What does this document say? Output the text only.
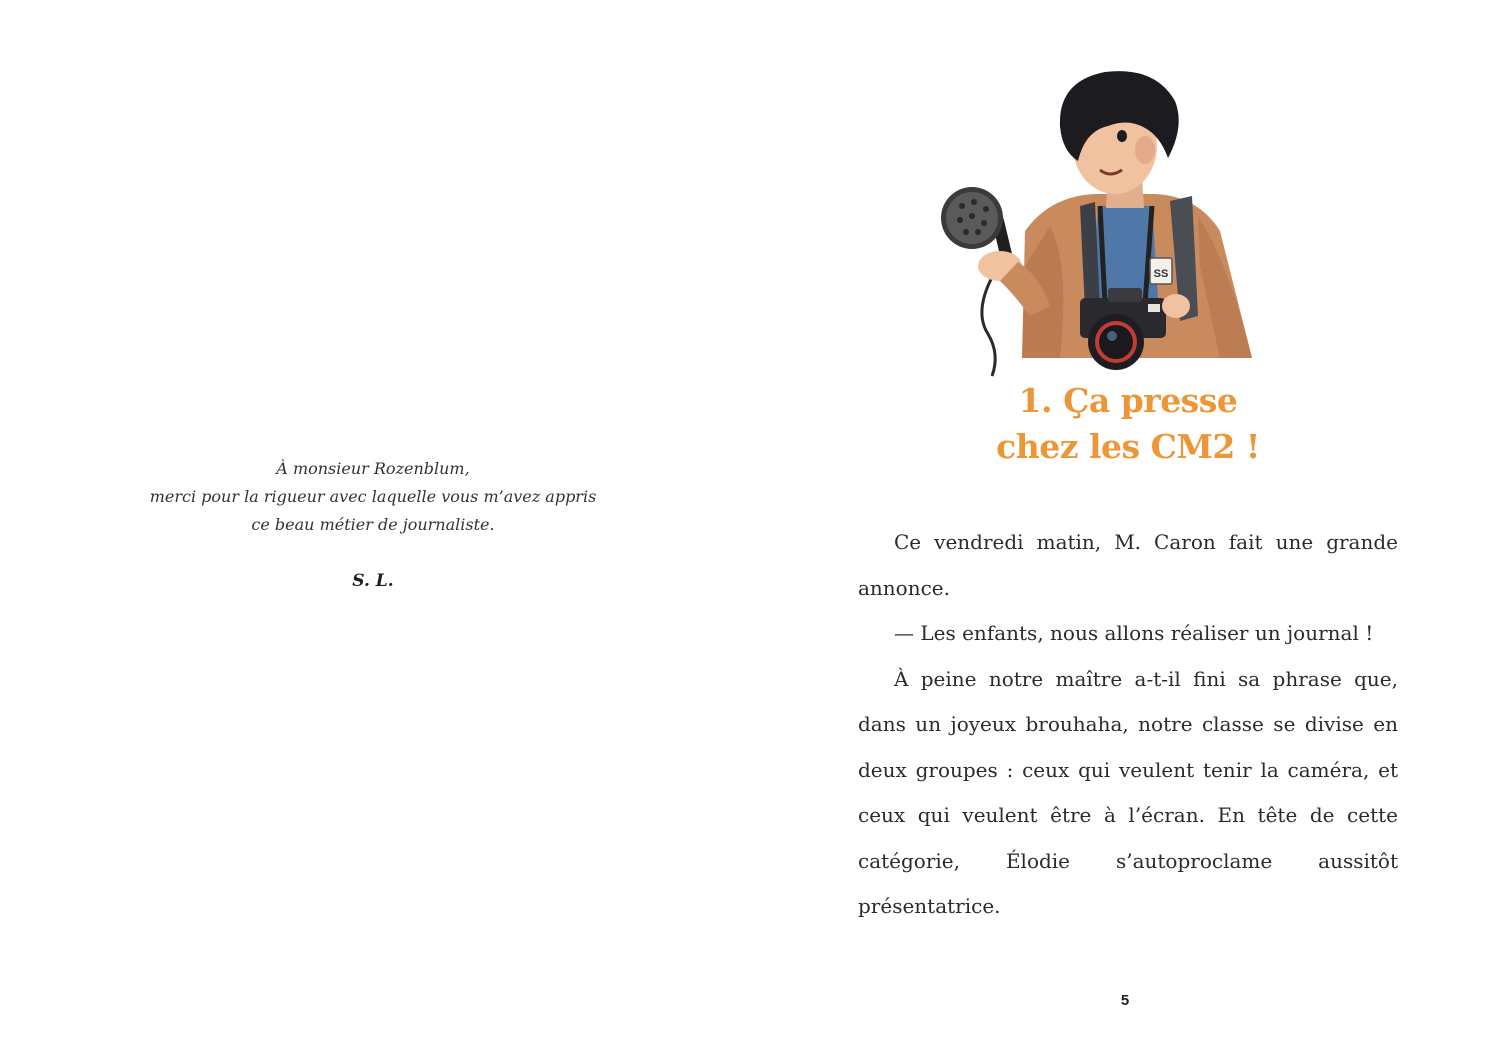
À monsieur Rozenblum,
merci pour la rigueur avec laquelle vous m’avez appris
ce beau métier de journaliste.
S. L.
SS
1. Ça presse
chez les CM2 !

Ce vendredi matin, M. Caron fait une grande annonce.

— Les enfants, nous allons réaliser un journal !

À peine notre maître a-t-il fini sa phrase que, dans un joyeux brouhaha, notre classe se divise en deux groupes : ceux qui veulent tenir la caméra, et ceux qui veulent être à l’écran. En tête de cette catégorie, Élodie s’autoproclame aussitôt présentatrice.

5
